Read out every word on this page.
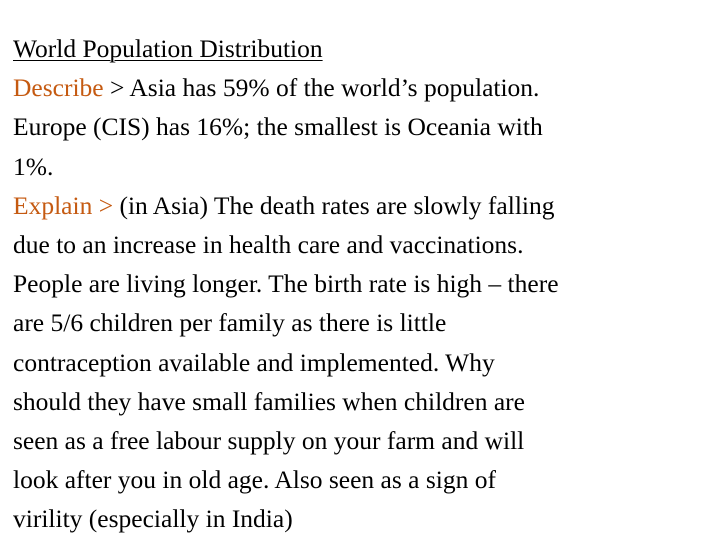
World Population Distribution
Describe > Asia has 59% of the world’s population.
Europe (CIS) has 16%; the smallest is Oceania with
1%.
Explain > (in Asia) The death rates are slowly falling
due to an increase in health care and vaccinations.
People are living longer. The birth rate is high – there
are 5/6 children per family as there is little
contraception available and implemented. Why
should they have small families when children are
seen as a free labour supply on your farm and will
look after you in old age. Also seen as a sign of
virility (especially in India)
